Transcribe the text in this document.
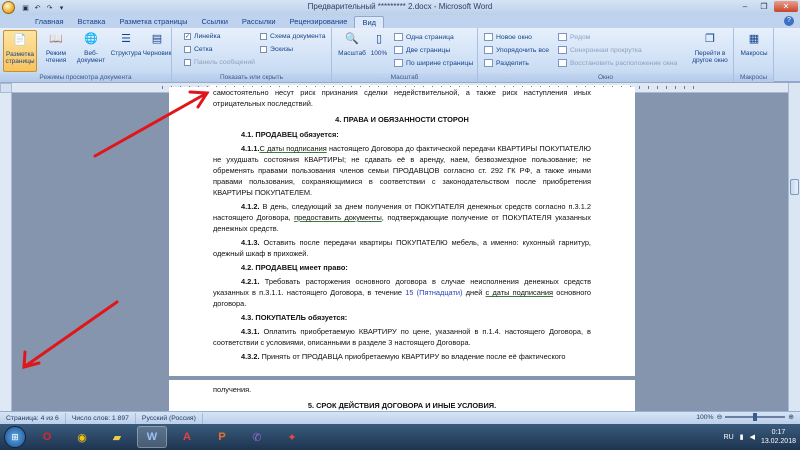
▣ ↶ ↷	▾	Предварительный ********* 2.docx - Microsoft Word	‒	❐	✕
Главная	Вставка	Разметка страницы	Ссылки	Рассылки	Рецензирование	Вид	?
📄
Разметка страницы
📖
Режим чтения
🌐
Веб-документ
☰
Структура
▤
Черновик
Режимы просмотра документа
✓ Линейка
Сетка
Панель сообщений
Схема документа
Эскизы
Показать или скрыть
🔍
Масштаб
▯
100%
Одна страница
Две страницы
По ширине страницы
Масштаб
Новое окно
Упорядочить все
Разделить
Рядом
Синхронная прокрутка
Восстановить расположение окна
❐
Перейти в другое окно
Окно
▦
Макросы
Макросы

самостоятельно несут риск признания сделки недействительной, а также риск наступления иных отрицательных последствий.

4. ПРАВА И ОБЯЗАННОСТИ СТОРОН
4.1. ПРОДАВЕЦ обязуется:

4.1.1.С даты подписания настоящего Договора до фактической передачи КВАРТИРЫ ПОКУПАТЕЛЮ не ухудшать состояния КВАРТИРЫ; не сдавать её в аренду, наем, безвозмездное пользование; не обременять правами пользования членов семьи ПРОДАВЦОВ согласно ст. 292 ГК РФ, а также иными правами пользования, сохраняющимися в соответствии с законодательством после приобретения КВАРТИРЫ ПОКУПАТЕЛЕМ.

4.1.2. В день, следующий за днем получения от ПОКУПАТЕЛЯ денежных средств согласно п.3.1.2 настоящего Договора, предоставить документы, подтверждающие получение от ПОКУПАТЕЛЯ указанных денежных средств.

4.1.3. Оставить после передачи квартиры ПОКУПАТЕЛЮ мебель, а именно: кухонный гарнитур, одежный шкаф в прихожей.

4.2. ПРОДАВЕЦ имеет право:

4.2.1. Требовать расторжения основного договора в случае неисполнения денежных средств указанных в п.3.1.1. настоящего Договора, в течение 15 (Пятнадцати) дней с даты подписания основного договора.

4.3. ПОКУПАТЕЛЬ обязуется:

4.3.1. Оплатить приобретаемую КВАРТИРУ по цене, указанной в п.1.4. настоящего Договора, в соответствии с условиями, описанными в разделе 3 настоящего Договора.

4.3.2. Принять от ПРОДАВЦА приобретаемую КВАРТИРУ во владение после её фактического

получения.

5. СРОК ДЕЙСТВИЯ ДОГОВОРА И ИНЫЕ УСЛОВИЯ.
Страница: 4 из 6	Число слов: 1 897	Русский (Россия)	100% ⊖	⊕
⊞	O	◉	▰	W	A	P	✆	✦	RU ▮ ◀
0:17
13.02.2018
